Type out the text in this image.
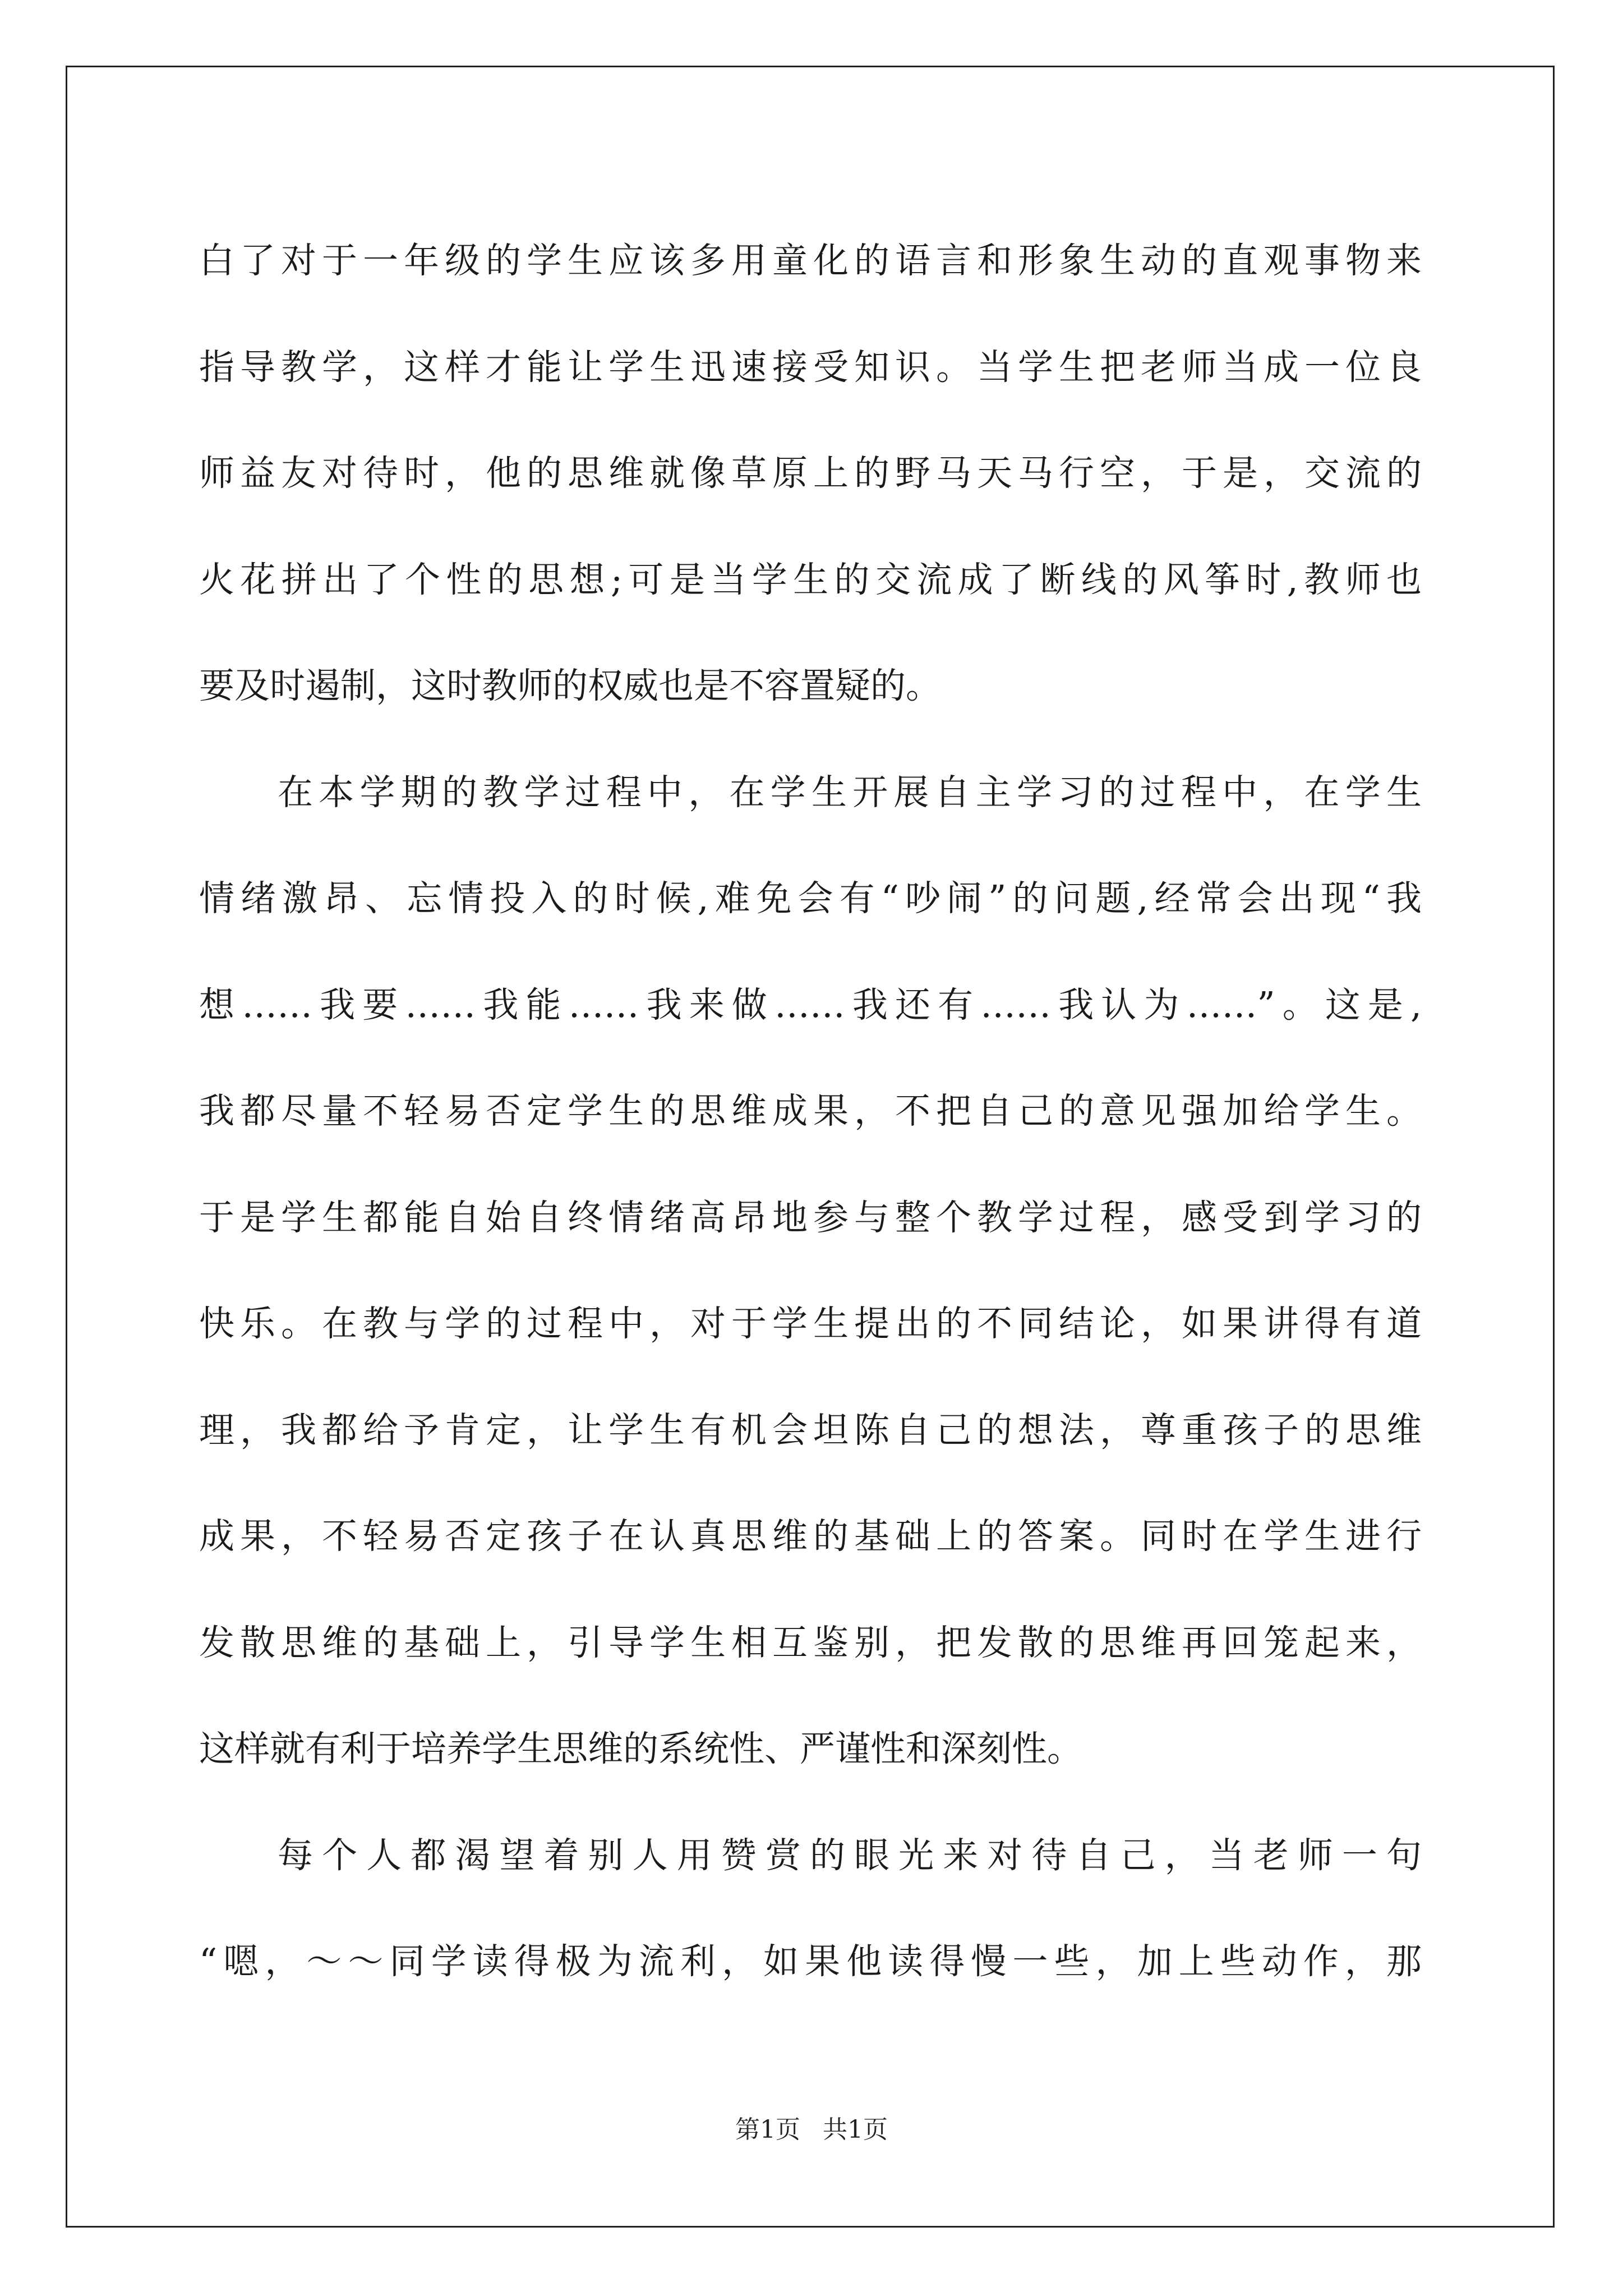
白了对于一年级的学生应该多用童化的语言和形象生动的直观事物来
指导教学，这样才能让学生迅速接受知识。当学生把老师当成一位良
师益友对待时，他的思维就像草原上的野马天马行空，于是，交流的
火花拼出了个性的思想;可是当学生的交流成了断线的风筝时,教师也
要及时遏制，这时教师的权威也是不容置疑的。
在本学期的教学过程中，在学生开展自主学习的过程中，在学生
情绪激昂、忘情投入的时候,难免会有“吵闹”的问题,经常会出现“我
想……我要……我能……我来做……我还有……我认为……”。这是,
我都尽量不轻易否定学生的思维成果，不把自己的意见强加给学生。
于是学生都能自始自终情绪高昂地参与整个教学过程，感受到学习的
快乐。在教与学的过程中，对于学生提出的不同结论，如果讲得有道
理，我都给予肯定，让学生有机会坦陈自己的想法，尊重孩子的思维
成果，不轻易否定孩子在认真思维的基础上的答案。同时在学生进行
发散思维的基础上，引导学生相互鉴别，把发散的思维再回笼起来，
这样就有利于培养学生思维的系统性、严谨性和深刻性。
每个人都渴望着别人用赞赏的眼光来对待自己，当老师一句
“嗯，～～同学读得极为流利，如果他读得慢一些，加上些动作，那
第1页 共1页
